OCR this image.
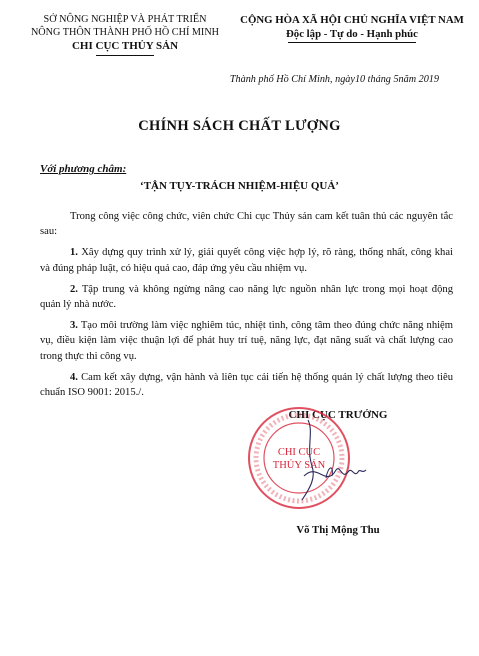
SỞ NÔNG NGHIỆP VÀ PHÁT TRIỂN
NÔNG THÔN THÀNH PHỐ HỒ CHÍ MINH
CHI CỤC THỦY SẢN
CỘNG HÒA XÃ HỘI CHỦ NGHĨA VIỆT NAM
Độc lập - Tự do - Hạnh phúc
Thành phố Hồ Chí Minh, ngày10 tháng 5năm 2019
CHÍNH SÁCH CHẤT LƯỢNG
Với phương châm:
‘TẬN TỤY-TRÁCH NHIỆM-HIỆU QUẢ’

Trong công việc công chức, viên chức Chi cục Thủy sản cam kết tuân thủ các nguyên tắc sau:

1. Xây dựng quy trình xử lý, giải quyết công việc hợp lý, rõ ràng, thống nhất, công khai và đúng pháp luật, có hiệu quả cao, đáp ứng yêu cầu nhiệm vụ.

2. Tập trung và không ngừng nâng cao năng lực nguồn nhân lực trong mọi hoạt động quản lý nhà nước.

3. Tạo môi trường làm việc nghiêm túc, nhiệt tình, công tâm theo đúng chức năng nhiệm vụ, điều kiện làm việc thuận lợi để phát huy trí tuệ, năng lực, đạt năng suất và chất lượng cao trong thực thi công vụ.

4. Cam kết xây dựng, vận hành và liên tục cải tiến hệ thống quản lý chất lượng theo tiêu chuẩn ISO 9001: 2015./.

CHI CỤC TRƯỞNG
CHI CỤC
THỦY SẢN
Võ Thị Mộng Thu
